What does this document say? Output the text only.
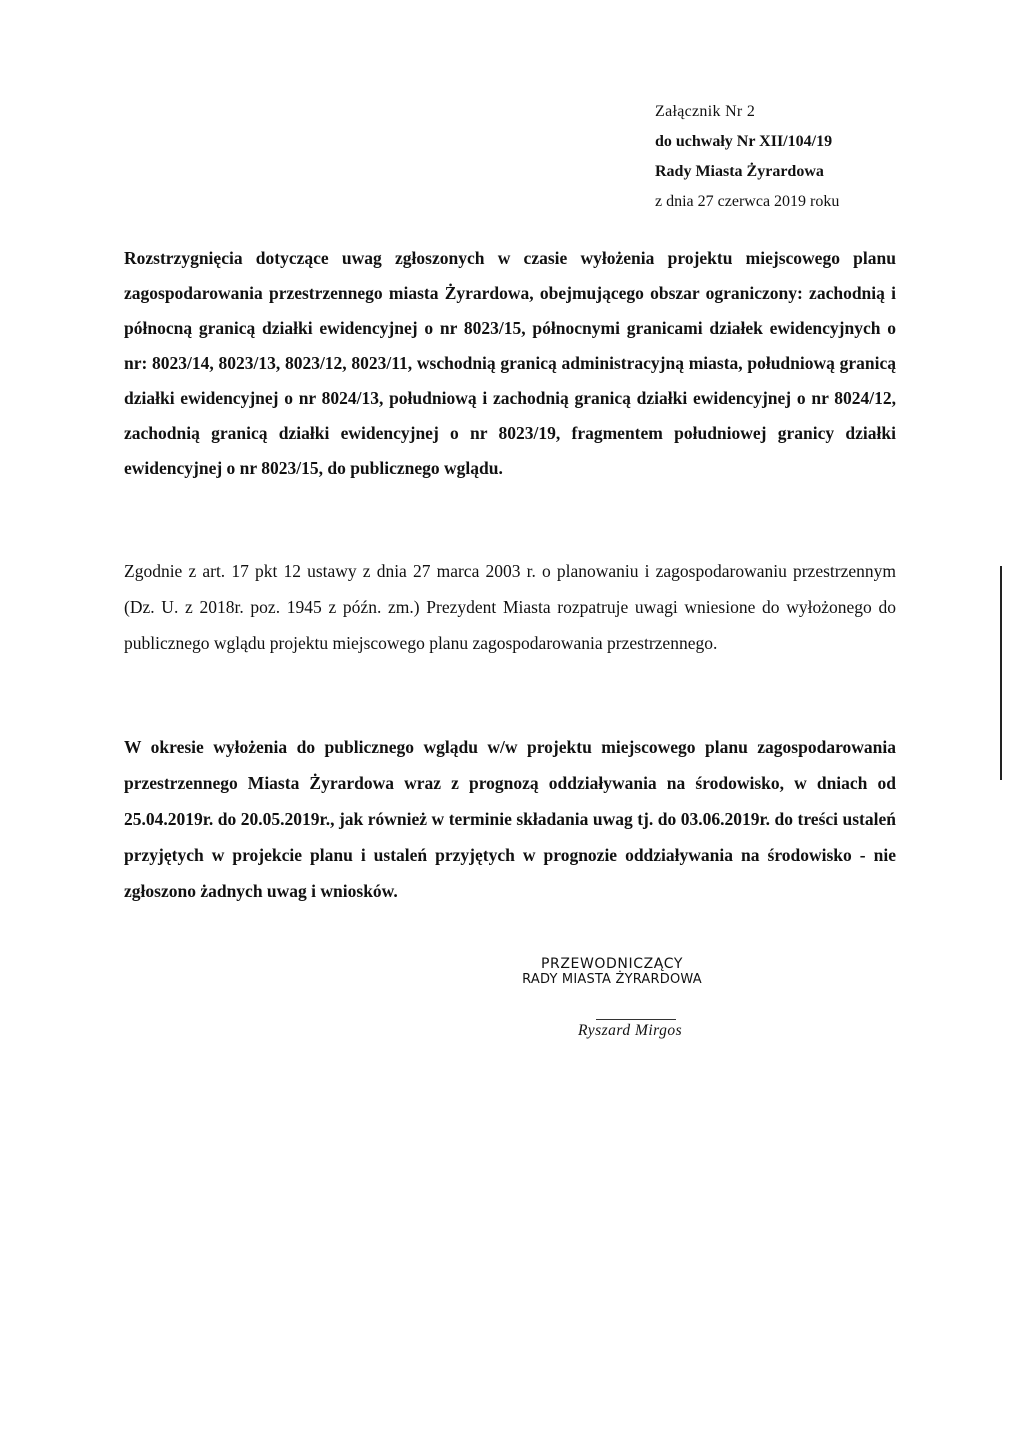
Załącznik Nr 2
do uchwały Nr XII/104/19
Rady Miasta Żyrardowa
z dnia 27 czerwca 2019 roku
Rozstrzygnięcia dotyczące uwag zgłoszonych w czasie wyłożenia projektu miejscowego planu zagospodarowania przestrzennego miasta Żyrardowa, obejmującego obszar ograniczony: zachodnią i północną granicą działki ewidencyjnej o nr 8023/15, północnymi granicami działek ewidencyjnych o nr: 8023/14, 8023/13, 8023/12, 8023/11, wschodnią granicą administracyjną miasta, południową granicą działki ewidencyjnej o nr 8024/13, południową i zachodnią granicą działki ewidencyjnej o nr 8024/12, zachodnią granicą działki ewidencyjnej o nr 8023/19, fragmentem południowej granicy działki ewidencyjnej o nr 8023/15, do publicznego wglądu.
Zgodnie z art. 17 pkt 12 ustawy z dnia 27 marca 2003 r. o planowaniu i zagospodarowaniu przestrzennym (Dz. U. z 2018r. poz. 1945 z późn. zm.) Prezydent Miasta rozpatruje uwagi wniesione do wyłożonego do publicznego wglądu projektu miejscowego planu zagospodarowania przestrzennego.
W okresie wyłożenia do publicznego wglądu w/w projektu miejscowego planu zagospodarowania przestrzennego Miasta Żyrardowa wraz z prognozą oddziaływania na środowisko, w dniach od 25.04.2019r. do 20.05.2019r., jak również w terminie składania uwag tj. do 03.06.2019r. do treści ustaleń przyjętych w projekcie planu i ustaleń przyjętych w prognozie oddziaływania na środowisko - nie zgłoszono żadnych uwag i wniosków.
PRZEWODNICZĄCY
RADY MIASTA ŻYRARDOWA
Ryszard Mirgos
